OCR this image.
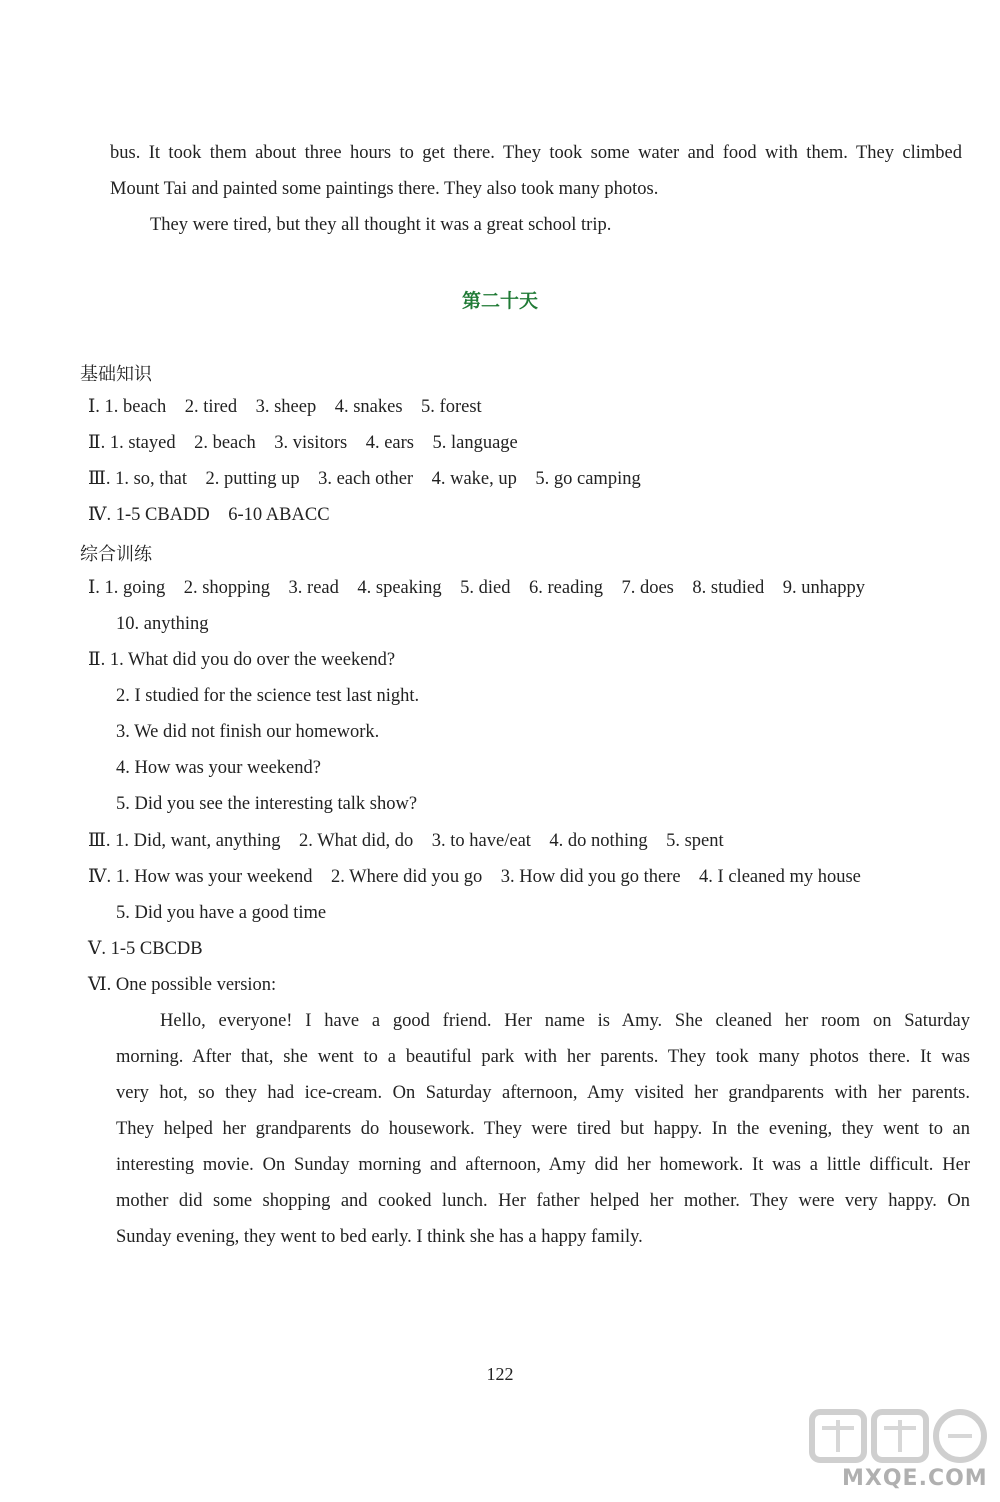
bus. It took them about three hours to get there. They took some water and food with them. They climbed
Mount Tai and painted some paintings there. They also took many photos.
They were tired, but they all thought it was a great school trip.
第二十天
基础知识
Ⅰ. 1. beach    2. tired    3. sheep    4. snakes    5. forest
Ⅱ. 1. stayed    2. beach    3. visitors    4. ears    5. language
Ⅲ. 1. so, that    2. putting up    3. each other    4. wake, up    5. go camping
Ⅳ. 1-5 CBADD    6-10 ABACC
综合训练
Ⅰ. 1. going    2. shopping    3. read    4. speaking    5. died    6. reading    7. does    8. studied    9. unhappy
10. anything
Ⅱ. 1. What did you do over the weekend?
2. I studied for the science test last night.
3. We did not finish our homework.
4. How was your weekend?
5. Did you see the interesting talk show?
Ⅲ. 1. Did, want, anything    2. What did, do    3. to have/eat    4. do nothing    5. spent
Ⅳ. 1. How was your weekend    2. Where did you go    3. How did you go there    4. I cleaned my house
5. Did you have a good time
Ⅴ. 1-5 CBCDB
Ⅵ. One possible version:
Hello, everyone! I have a good friend. Her name is Amy. She cleaned her room on Saturday
morning. After that, she went to a beautiful park with her parents. They took many photos there. It was
very hot, so they had ice-cream. On Saturday afternoon, Amy visited her grandparents with her parents.
They helped her grandparents do housework. They were tired but happy. In the evening, they went to an
interesting movie. On Sunday morning and afternoon, Amy did her homework. It was a little difficult. Her
mother did some shopping and cooked lunch. Her father helped her mother. They were very happy. On
Sunday evening, they went to bed early. I think she has a happy family.
122
MXQE.COM
